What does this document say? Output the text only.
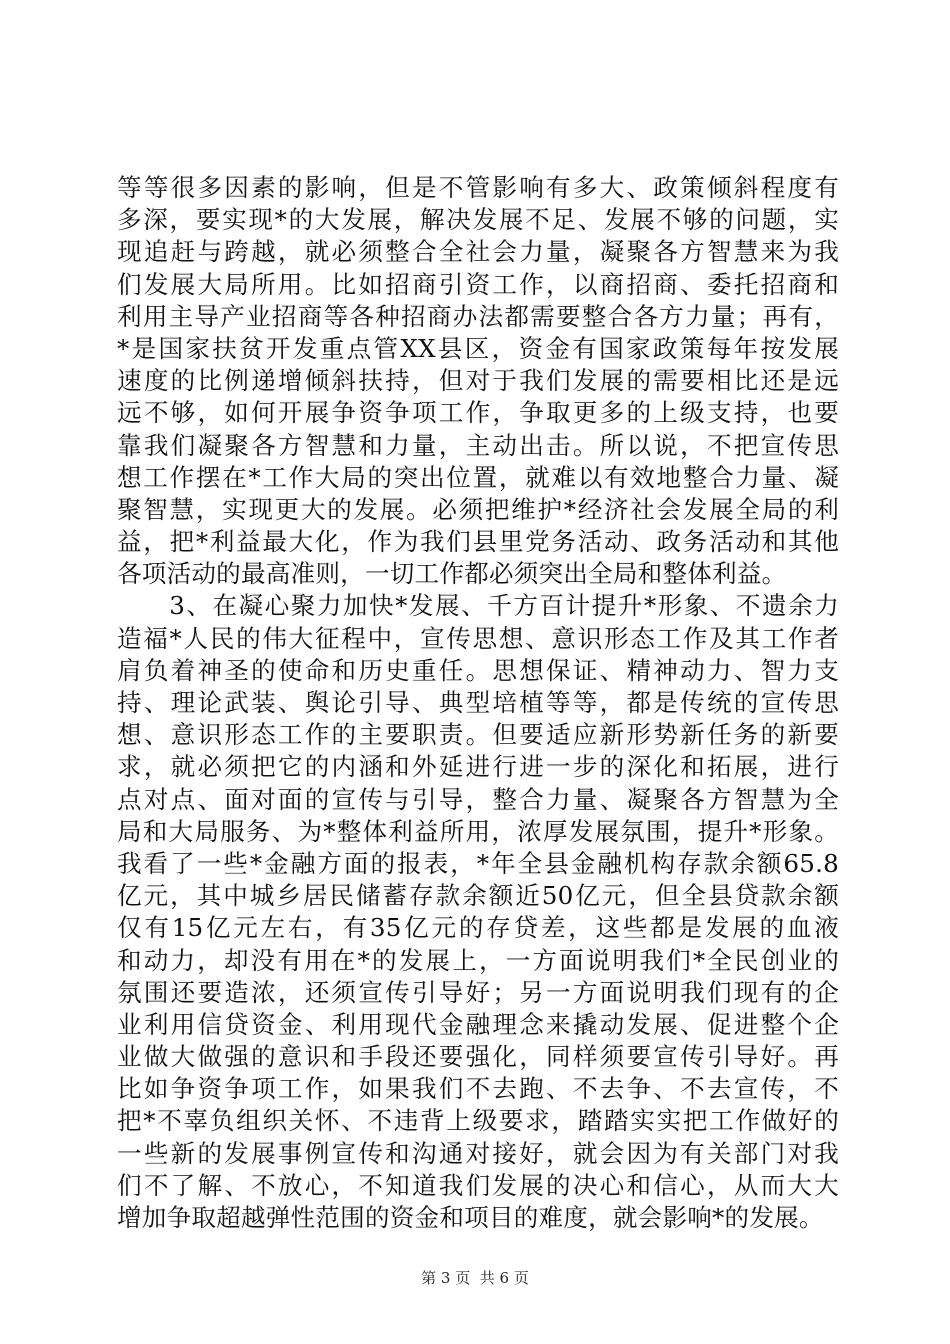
等等很多因素的影响，但是不管影响有多大、政策倾斜程度有
多深，要实现*的大发展，解决发展不足、发展不够的问题，实
现追赶与跨越，就必须整合全社会力量，凝聚各方智慧来为我
们发展大局所用。比如招商引资工作，以商招商、委托招商和
利用主导产业招商等各种招商办法都需要整合各方力量；再有，
*是国家扶贫开发重点管XX县区，资金有国家政策每年按发展
速度的比例递增倾斜扶持，但对于我们发展的需要相比还是远
远不够，如何开展争资争项工作，争取更多的上级支持，也要
靠我们凝聚各方智慧和力量，主动出击。所以说，不把宣传思
想工作摆在*工作大局的突出位置，就难以有效地整合力量、凝
聚智慧，实现更大的发展。必须把维护*经济社会发展全局的利
益，把*利益最大化，作为我们县里党务活动、政务活动和其他
各项活动的最高准则，一切工作都必须突出全局和整体利益。
　　3、在凝心聚力加快*发展、千方百计提升*形象、不遗余力
造福*人民的伟大征程中，宣传思想、意识形态工作及其工作者
肩负着神圣的使命和历史重任。思想保证、精神动力、智力支
持、理论武装、舆论引导、典型培植等等，都是传统的宣传思
想、意识形态工作的主要职责。但要适应新形势新任务的新要
求，就必须把它的内涵和外延进行进一步的深化和拓展，进行
点对点、面对面的宣传与引导，整合力量、凝聚各方智慧为全
局和大局服务、为*整体利益所用，浓厚发展氛围，提升*形象。
我看了一些*金融方面的报表，*年全县金融机构存款余额65.8
亿元，其中城乡居民储蓄存款余额近50亿元，但全县贷款余额
仅有15亿元左右，有35亿元的存贷差，这些都是发展的血液
和动力，却没有用在*的发展上，一方面说明我们*全民创业的
氛围还要造浓，还须宣传引导好；另一方面说明我们现有的企
业利用信贷资金、利用现代金融理念来撬动发展、促进整个企
业做大做强的意识和手段还要强化，同样须要宣传引导好。再
比如争资争项工作，如果我们不去跑、不去争、不去宣传，不
把*不辜负组织关怀、不违背上级要求，踏踏实实把工作做好的
一些新的发展事例宣传和沟通对接好，就会因为有关部门对我
们不了解、不放心，不知道我们发展的决心和信心，从而大大
增加争取超越弹性范围的资金和项目的难度，就会影响*的发展。
第 3 页  共 6 页
